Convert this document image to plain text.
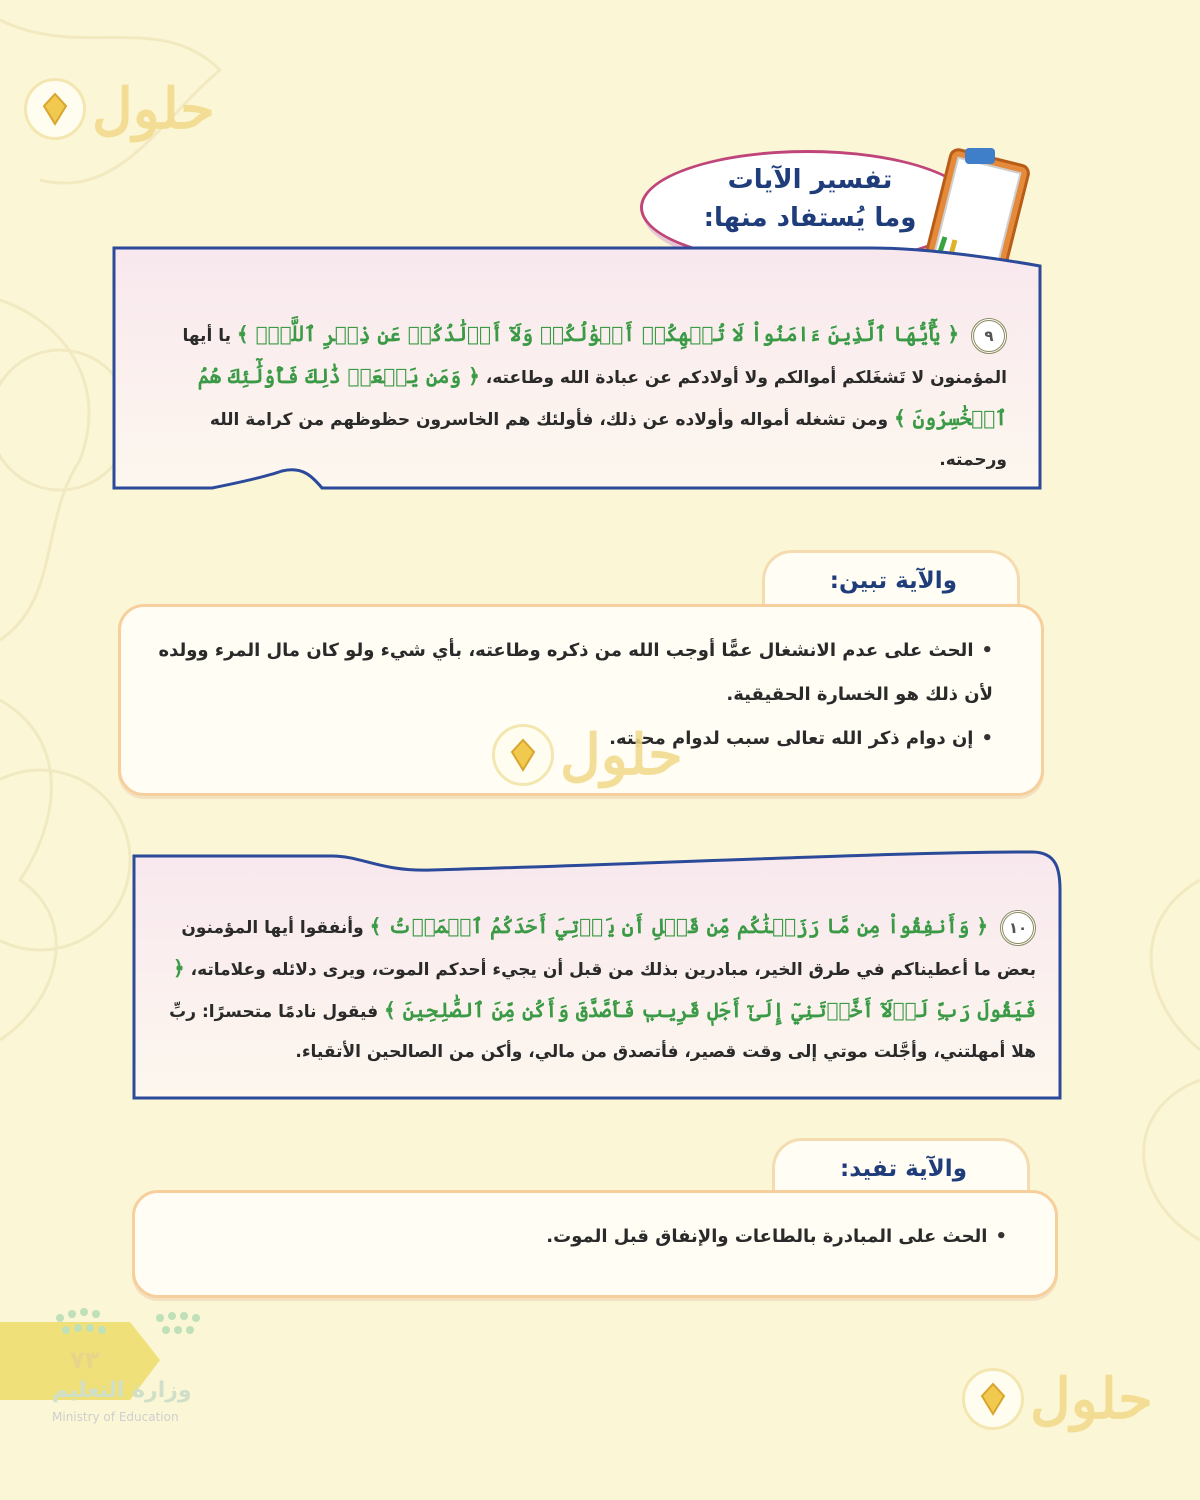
حلول
تفسير الآيات
وما يُستفاد منها:
٩ ﴿ يَٰٓأَيُّهَا ٱلَّذِينَ ءَامَنُواْ لَا تُلۡهِكُمۡ أَمۡوَٰلُكُمۡ وَلَآ أَوۡلَٰدُكُمۡ عَن ذِكۡرِ ٱللَّهِۚ ﴾ يا أيها المؤمنون لا تَشغَلكم أموالكم ولا أولادكم عن عبادة الله وطاعته، ﴿ وَمَن يَفۡعَلۡ ذَٰلِكَ فَأُوْلَٰٓئِكَ هُمُ ٱلۡخَٰسِرُونَ ﴾ ومن تشغله أمواله وأولاده عن ذلك، فأولئك هم الخاسرون حظوظهم من كرامة الله ورحمته.
والآية تبين:
•الحث على عدم الانشغال عمًّا أوجب الله من ذكره وطاعته، بأي شيء ولو كان مال المرء وولده لأن ذلك هو الخسارة الحقيقية.
•إن دوام ذكر الله تعالى سبب لدوام محبته.
حلول
١٠ ﴿ وَأَنفِقُواْ مِن مَّا رَزَقۡنَٰكُم مِّن قَبۡلِ أَن يَأۡتِيَ أَحَدَكُمُ ٱلۡمَوۡتُ ﴾ وأنفقوا أيها المؤمنون بعض ما أعطيناكم في طرق الخير، مبادرين بذلك من قبل أن يجيء أحدكم الموت، ويرى دلائله وعلاماته، ﴿ فَيَقُولَ رَبِّ لَوۡلَآ أَخَّرۡتَنِيٓ إِلَىٰٓ أَجَلٖ قَرِيبٖ فَأَصَّدَّقَ وَأَكُن مِّنَ ٱلصَّٰلِحِينَ ﴾ فيقول نادمًا متحسرًا: ربِّ هلا أمهلتني، وأجَّلت موتي إلى وقت قصير، فأتصدق من مالي، وأكن من الصالحين الأتقياء.
والآية تفيد:
•الحث على المبادرة بالطاعات والإنفاق قبل الموت.
٧٣
وزارة التعليم
Ministry of Education	حلول
